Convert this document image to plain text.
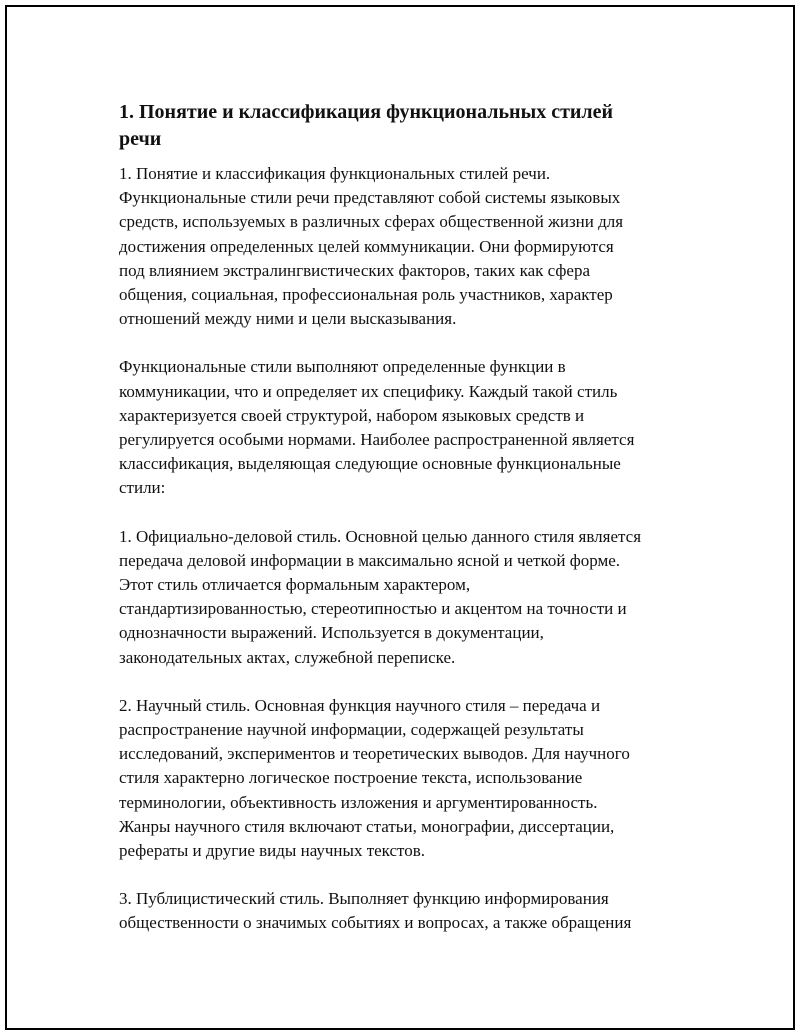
1. Понятие и классификация функциональных стилей
речи

1. Понятие и классификация функциональных стилей речи.
Функциональные стили речи представляют собой системы языковых
средств, используемых в различных сферах общественной жизни для
достижения определенных целей коммуникации. Они формируются
под влиянием экстралингвистических факторов, таких как сфера
общения, социальная, профессиональная роль участников, характер
отношений между ними и цели высказывания.

Функциональные стили выполняют определенные функции в
коммуникации, что и определяет их специфику. Каждый такой стиль
характеризуется своей структурой, набором языковых средств и
регулируется особыми нормами. Наиболее распространенной является
классификация, выделяющая следующие основные функциональные
стили:

1. Официально-деловой стиль. Основной целью данного стиля является
передача деловой информации в максимально ясной и четкой форме.
Этот стиль отличается формальным характером,
стандартизированностью, стереотипностью и акцентом на точности и
однозначности выражений. Используется в документации,
законодательных актах, служебной переписке.

2. Научный стиль. Основная функция научного стиля – передача и
распространение научной информации, содержащей результаты
исследований, экспериментов и теоретических выводов. Для научного
стиля характерно логическое построение текста, использование
терминологии, объективность изложения и аргументированность.
Жанры научного стиля включают статьи, монографии, диссертации,
рефераты и другие виды научных текстов.

3. Публицистический стиль. Выполняет функцию информирования
общественности о значимых событиях и вопросах, а также обращения
